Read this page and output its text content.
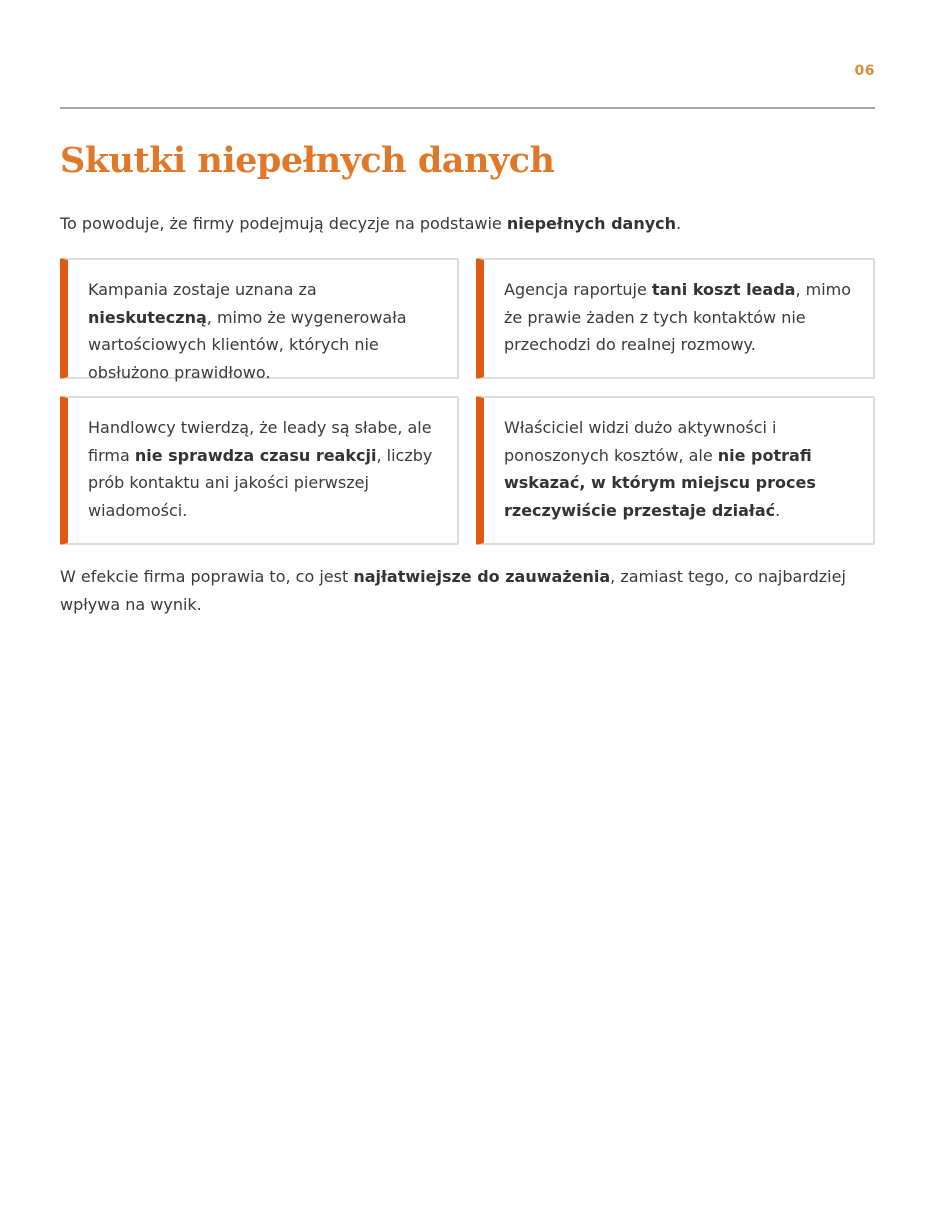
06
Skutki niepełnych danych

To powoduje, że firmy podejmują decyzje na podstawie niepełnych danych.

Kampania zostaje uznana za nieskuteczną, mimo że wygenerowała wartościowych klientów, których nie obsłużono prawidłowo.

Agencja raportuje tani koszt leada, mimo że prawie żaden z tych kontaktów nie przechodzi do realnej rozmowy.

Handlowcy twierdzą, że leady są słabe, ale firma nie sprawdza czasu reakcji, liczby prób kontaktu ani jakości pierwszej wiadomości.

Właściciel widzi dużo aktywności i ponoszonych kosztów, ale nie potrafi wskazać, w którym miejscu proces rzeczywiście przestaje działać.

W efekcie firma poprawia to, co jest najłatwiejsze do zauważenia, zamiast tego, co najbardziej wpływa na wynik.
